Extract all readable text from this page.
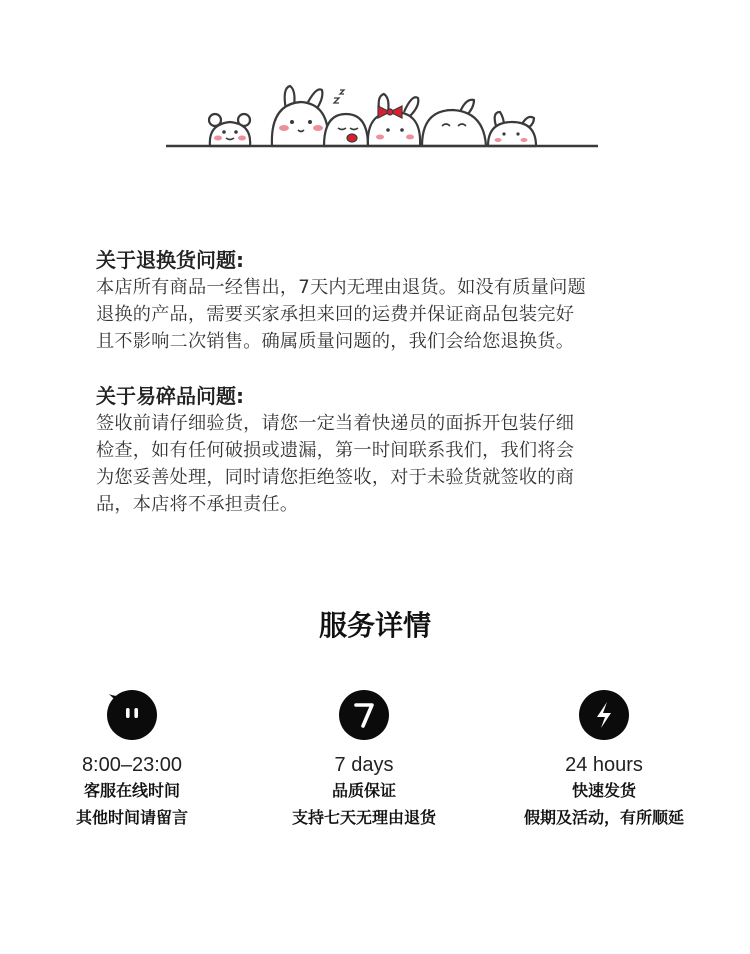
关于退换货问题:

本店所有商品一经售出，7天内无理由退货。如没有质量问题

退换的产品，需要买家承担来回的运费并保证商品包装完好

且不影响二次销售。确属质量问题的，我们会给您退换货。

关于易碎品问题:

签收前请仔细验货，请您一定当着快递员的面拆开包装仔细

检查，如有任何破损或遗漏，第一时间联系我们，我们将会

为您妥善处理，同时请您拒绝签收，对于未验货就签收的商

品，本店将不承担责任。

服务详情
8:00–23:00
客服在线时间
其他时间请留言
7 days
品质保证
支持七天无理由退货
24 hours
快速发货
假期及活动，有所顺延
